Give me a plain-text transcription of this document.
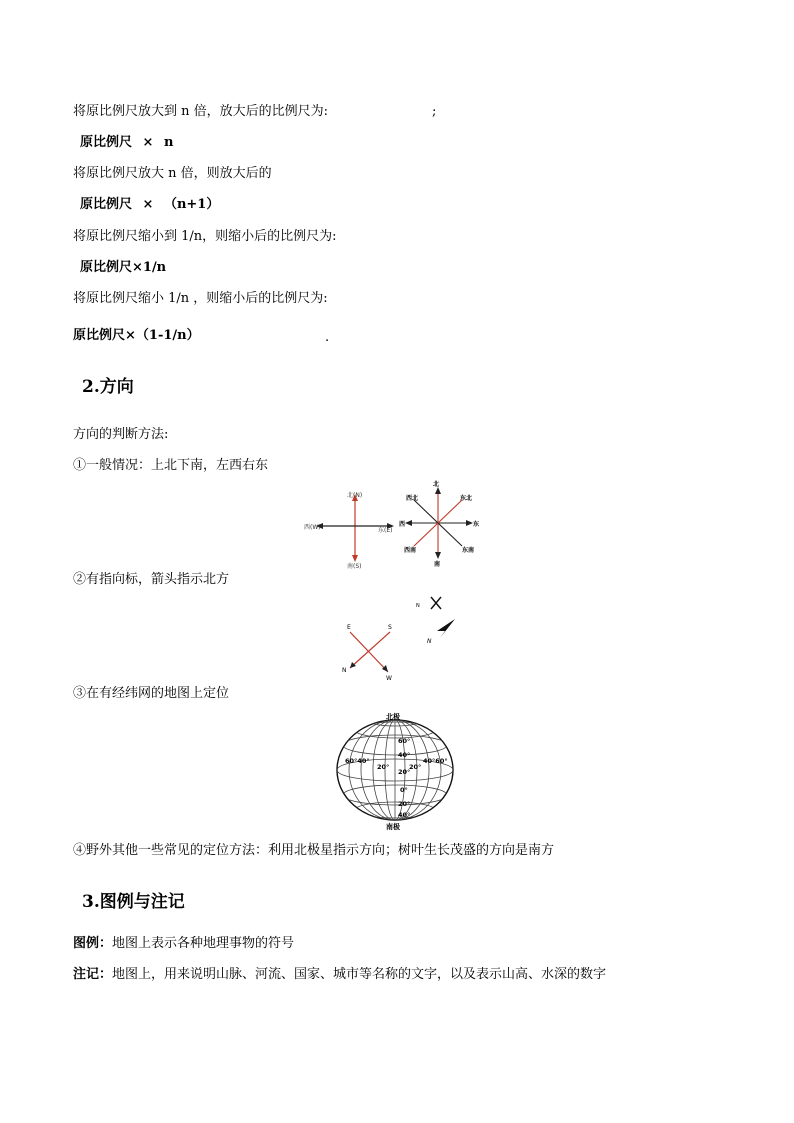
将原比例尺放大到 n 倍，放大后的比例尺为:	;
原比例尺 × n
将原比例尺放大 n 倍，则放大后的
原比例尺 × （n+1）
将原比例尺缩小到 1/n，则缩小后的比例尺为:
原比例尺×1/n
将原比例尺缩小 1/n ，则缩小后的比例尺为:
原比例尺×（1-1/n）	.
2.方向
方向的判断方法:
①一般情况：上北下南，左西右东
北(N)
南(S)
西(W)	东(E)
北
东北
东
东南
南
西南
西
西北
②有指向标，箭头指示北方
N
N
E	S
N
W
③在有经纬网的地图上定位
北极
南极
60°
40°
20°
0°
20°
40°
60°40°
20°	20°
40°60°
④野外其他一些常见的定位方法：利用北极星指示方向；树叶生长茂盛的方向是南方
3.图例与注记
图例：地图上表示各种地理事物的符号
注记：地图上，用来说明山脉、河流、国家、城市等名称的文字，以及表示山高、水深的数字
